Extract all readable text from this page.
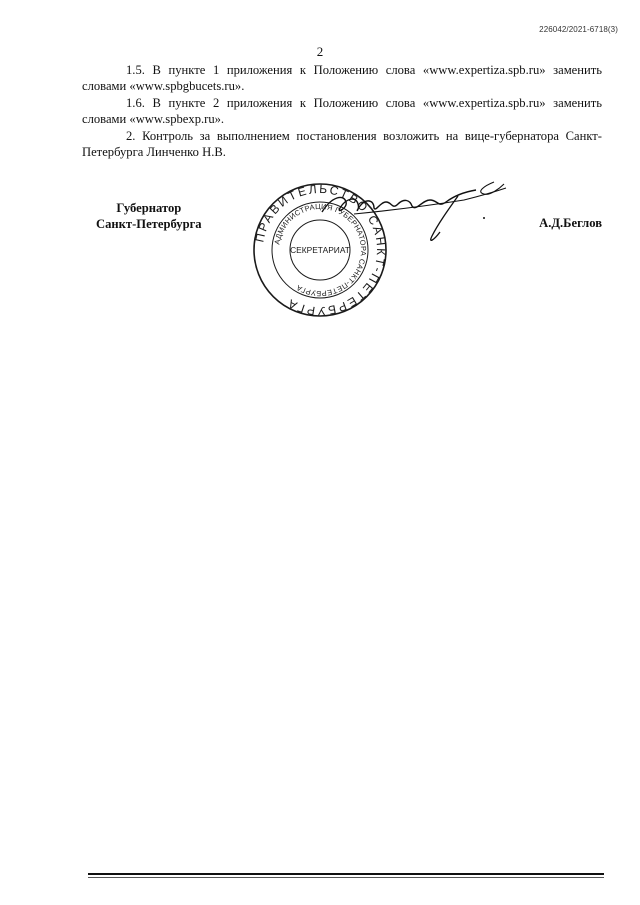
226042/2021-6718(3)
2

1.5. В пункте 1 приложения к Положению слова «www.expertiza.spb.ru» заменить словами «www.spbgbucets.ru».

1.6. В пункте 2 приложения к Положению слова «www.expertiza.spb.ru» заменить словами «www.spbexp.ru».

2. Контроль за выполнением постановления возложить на вице-губернатора Санкт-Петербурга Линченко Н.В.

Губернатор
Санкт-Петербурга
ПРАВИТЕЛЬСТВО САНКТ-ПЕТЕРБУРГА
АДМИНИСТРАЦИЯ ГУБЕРНАТОРА САНКТ-ПЕТЕРБУРГА
СЕКРЕТАРИАТ
А.Д.Беглов
